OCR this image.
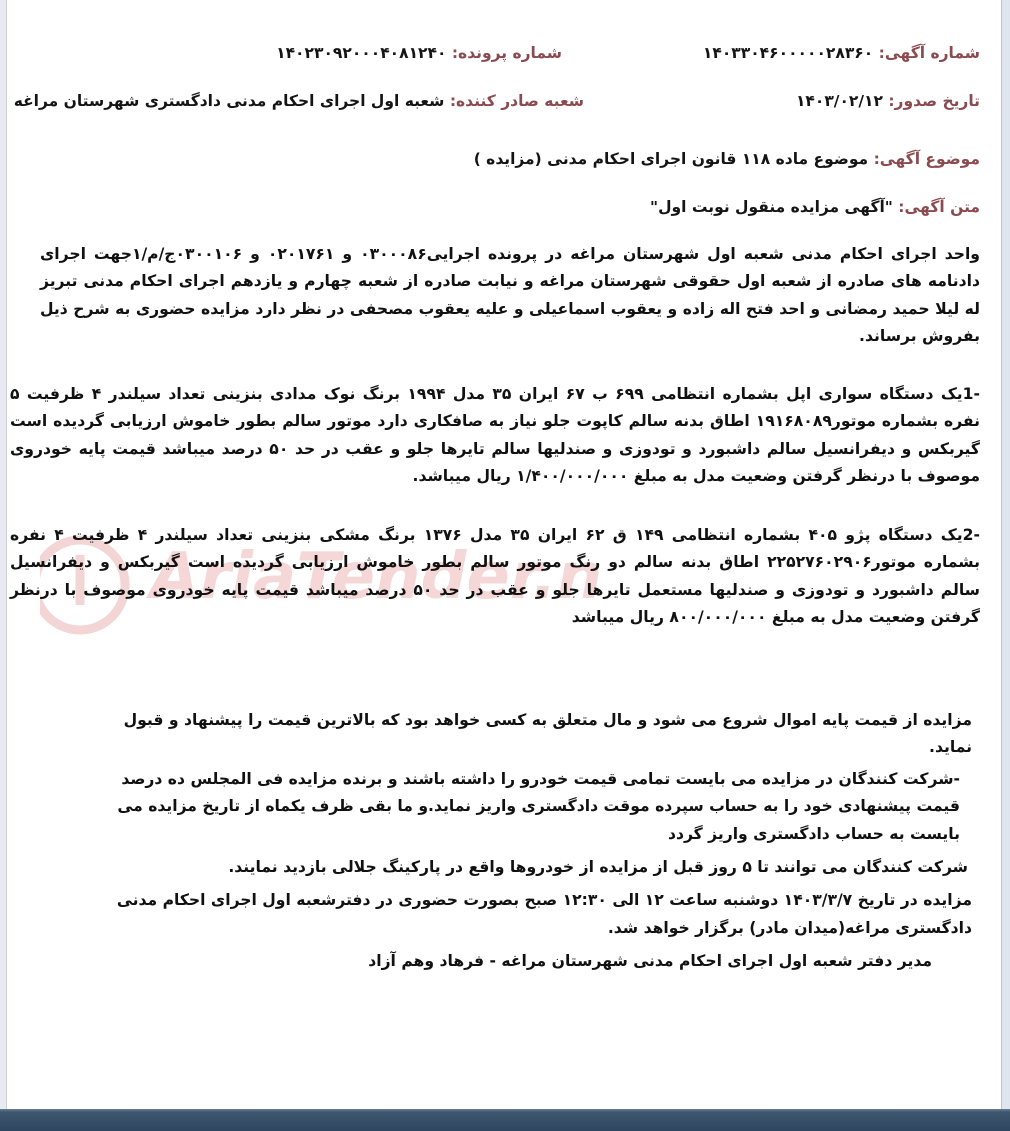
AriaTender.n
شماره آگهی: ۱۴۰۳۳۰۴۶۰۰۰۰۰۲۸۳۶۰
شماره پرونده: ۱۴۰۲۳۰۹۲۰۰۰۴۰۸۱۲۴۰
تاریخ صدور: ۱۴۰۳/۰۲/۱۲
شعبه صادر کننده: شعبه اول اجرای احکام مدنی دادگستری شهرستان مراغه
موضوع آگهی: موضوع ماده ۱۱۸ قانون اجرای احکام مدنی (مزایده )
متن آگهی: "آگهی مزایده منقول نوبت اول"
واحد اجرای احکام مدنی شعبه اول شهرستان مراغه در پرونده اجرایی۰۳۰۰۰۸۶ و ۰۲۰۱۷۶۱ و ۰۳۰۰۱۰۶ج/م/۱جهت اجرای دادنامه های صادره از شعبه اول حقوقی شهرستان مراغه و نیابت صادره از شعبه چهارم و یازدهم اجرای احکام مدنی تبریز له لیلا حمید رمضانی و احد فتح اله زاده و یعقوب اسماعیلی و علیه یعقوب مصحفی در نظر دارد مزایده حضوری به شرح ذیل بفروش برساند.
-1یک دستگاه سواری اپل بشماره انتظامی ۶۹۹ ب ۶۷ ایران ۳۵ مدل ۱۹۹۴ برنگ نوک مدادی بنزینی تعداد سیلندر ۴ ظرفیت ۵ نفره بشماره موتور۱۹۱۶۸۰۸۹ اطاق بدنه سالم کاپوت جلو نیاز به صافکاری دارد موتور سالم بطور خاموش ارزیابی گردیده است گیربکس و دیفرانسیل سالم داشبورد و تودوزی و صندلیها سالم تایرها جلو و عقب در حد ۵۰ درصد میباشد قیمت پایه خودروی موصوف با درنظر گرفتن وضعیت مدل به مبلغ ۱/۴۰۰/۰۰۰/۰۰۰ ریال میباشد.
-2یک دستگاه پژو ۴۰۵ بشماره انتظامی ۱۴۹ ق ۶۲ ایران ۳۵ مدل ۱۳۷۶ برنگ مشکی بنزینی تعداد سیلندر ۴ ظرفیت ۴ نفره بشماره موتور۲۲۵۲۷۶۰۲۹۰۶ اطاق بدنه سالم دو رنگ موتور سالم بطور خاموش ارزیابی گردیده است گیربکس و دیفرانسیل سالم داشبورد و تودوزی و صندلیها مستعمل تایرها جلو و عقب در حد ۵۰ درصد میباشد قیمت پایه خودروی موصوف با درنظر گرفتن وضعیت مدل به مبلغ ۸۰۰/۰۰۰/۰۰۰ ریال میباشد

مزایده از قیمت پایه اموال شروع می شود و مال متعلق به کسی خواهد بود که بالاترین قیمت را پیشنهاد و قبول نماید.

-شرکت کنندگان در مزایده می بایست تمامی قیمت خودرو را داشته باشند و برنده مزایده فی المجلس ده درصد قیمت پیشنهادی خود را به حساب سپرده موقت دادگستری واریز نماید.و ما بقی ظرف یکماه از تاریخ مزایده می بایست به حساب دادگستری واریز گردد

شرکت کنندگان می توانند تا ۵ روز قبل از مزایده از خودروها واقع در پارکینگ جلالی بازدید نمایند.

مزایده در تاریخ ۱۴۰۳/۳/۷ دوشنبه ساعت ۱۲ الی ۱۲:۳۰ صبح بصورت حضوری در دفترشعبه اول اجرای احکام مدنی دادگستری مراغه(میدان مادر) برگزار خواهد شد.

مدیر دفتر شعبه اول اجرای احکام مدنی شهرستان مراغه - فرهاد وهم آزاد
